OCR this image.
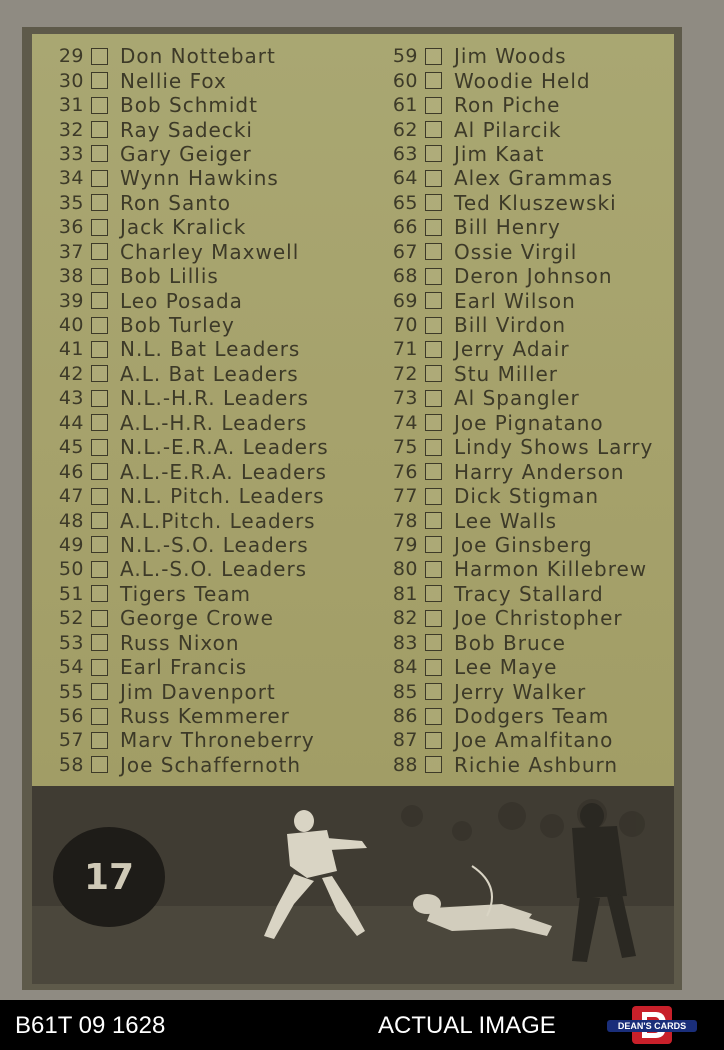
29 Don Nottebart
30 Nellie Fox
31 Bob Schmidt
32 Ray Sadecki
33 Gary Geiger
34 Wynn Hawkins
35 Ron Santo
36 Jack Kralick
37 Charley Maxwell
38 Bob Lillis
39 Leo Posada
40 Bob Turley
41 N.L. Bat Leaders
42 A.L. Bat Leaders
43 N.L.-H.R. Leaders
44 A.L.-H.R. Leaders
45 N.L.-E.R.A. Leaders
46 A.L.-E.R.A. Leaders
47 N.L. Pitch. Leaders
48 A.L.Pitch. Leaders
49 N.L.-S.O. Leaders
50 A.L.-S.O. Leaders
51 Tigers Team
52 George Crowe
53 Russ Nixon
54 Earl Francis
55 Jim Davenport
56 Russ Kemmerer
57 Marv Throneberry
58 Joe Schaffernoth
59 Jim Woods
60 Woodie Held
61 Ron Piche
62 Al Pilarcik
63 Jim Kaat
64 Alex Grammas
65 Ted Kluszewski
66 Bill Henry
67 Ossie Virgil
68 Deron Johnson
69 Earl Wilson
70 Bill Virdon
71 Jerry Adair
72 Stu Miller
73 Al Spangler
74 Joe Pignatano
75 Lindy Shows Larry
76 Harry Anderson
77 Dick Stigman
78 Lee Walls
79 Joe Ginsberg
80 Harmon Killebrew
81 Tracy Stallard
82 Joe Christopher
83 Bob Bruce
84 Lee Maye
85 Jerry Walker
86 Dodgers Team
87 Joe Amalfitano
88 Richie Ashburn
17
B61T 09 1628	ACTUAL IMAGE	DEAN'S CARDS
